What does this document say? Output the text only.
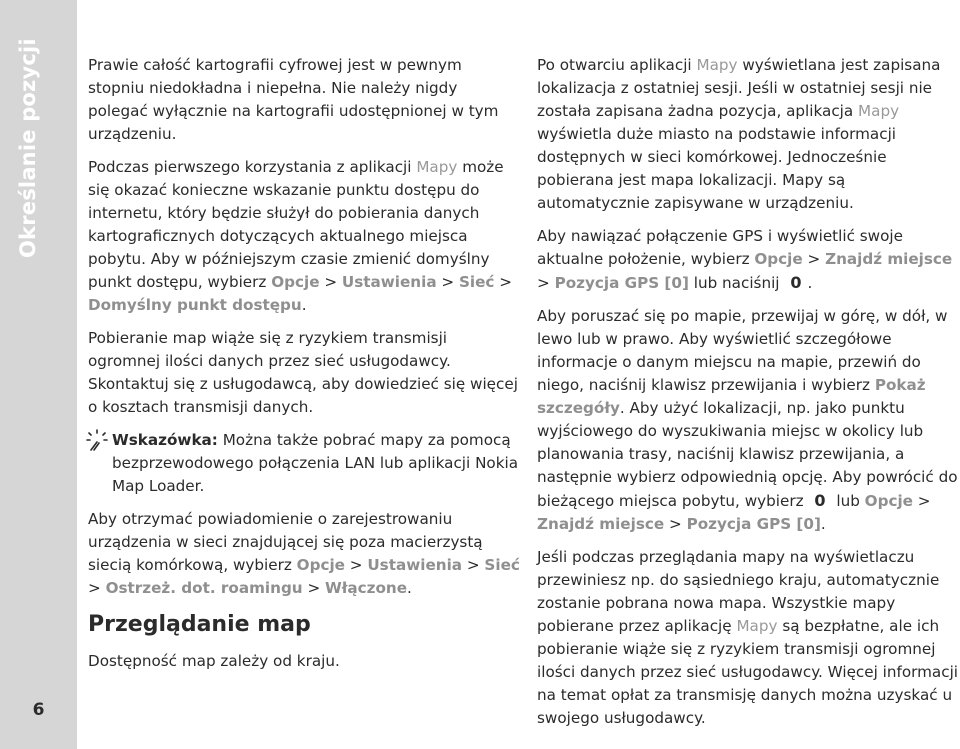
Określanie pozycji
6

Prawie całość kartografii cyfrowej jest w pewnym stopniu niedokładna i niepełna. Nie należy nigdy polegać wyłącznie na kartografii udostępnionej w tym urządzeniu.

Podczas pierwszego korzystania z aplikacji Mapy może się okazać konieczne wskazanie punktu dostępu do internetu, który będzie służył do pobierania danych kartograficznych dotyczących aktualnego miejsca pobytu. Aby w późniejszym czasie zmienić domyślny punkt dostępu, wybierz Opcje > Ustawienia > Sieć > Domyślny punkt dostępu.

Pobieranie map wiąże się z ryzykiem transmisji ogromnej ilości danych przez sieć usługodawcy. Skontaktuj się z usługodawcą, aby dowiedzieć się więcej o kosztach transmisji danych.

Wskazówka: Można także pobrać mapy za pomocą bezprzewodowego połączenia LAN lub aplikacji Nokia Map Loader.

Aby otrzymać powiadomienie o zarejestrowaniu urządzenia w sieci znajdującej się poza macierzystą siecią komórkową, wybierz Opcje > Ustawienia > Sieć > Ostrzeż. dot. roamingu > Włączone.

Przeglądanie map

Dostępność map zależy od kraju.

Po otwarciu aplikacji Mapy wyświetlana jest zapisana lokalizacja z ostatniej sesji. Jeśli w ostatniej sesji nie została zapisana żadna pozycja, aplikacja Mapy wyświetla duże miasto na podstawie informacji dostępnych w sieci komórkowej. Jednocześnie pobierana jest mapa lokalizacji. Mapy są automatycznie zapisywane w urządzeniu.

Aby nawiązać połączenie GPS i wyświetlić swoje aktualne położenie, wybierz Opcje > Znajdź miejsce > Pozycja GPS [0] lub naciśnij 0 .

Aby poruszać się po mapie, przewijaj w górę, w dół, w lewo lub w prawo. Aby wyświetlić szczegółowe informacje o danym miejscu na mapie, przewiń do niego, naciśnij klawisz przewijania i wybierz Pokaż szczegóły. Aby użyć lokalizacji, np. jako punktu wyjściowego do wyszukiwania miejsc w okolicy lub planowania trasy, naciśnij klawisz przewijania, a następnie wybierz odpowiednią opcję. Aby powrócić do bieżącego miejsca pobytu, wybierz 0 lub Opcje > Znajdź miejsce > Pozycja GPS [0].

Jeśli podczas przeglądania mapy na wyświetlaczu przewiniesz np. do sąsiedniego kraju, automatycznie zostanie pobrana nowa mapa. Wszystkie mapy pobierane przez aplikację Mapy są bezpłatne, ale ich pobieranie wiąże się z ryzykiem transmisji ogromnej ilości danych przez sieć usługodawcy. Więcej informacji na temat opłat za transmisję danych można uzyskać u swojego usługodawcy.
